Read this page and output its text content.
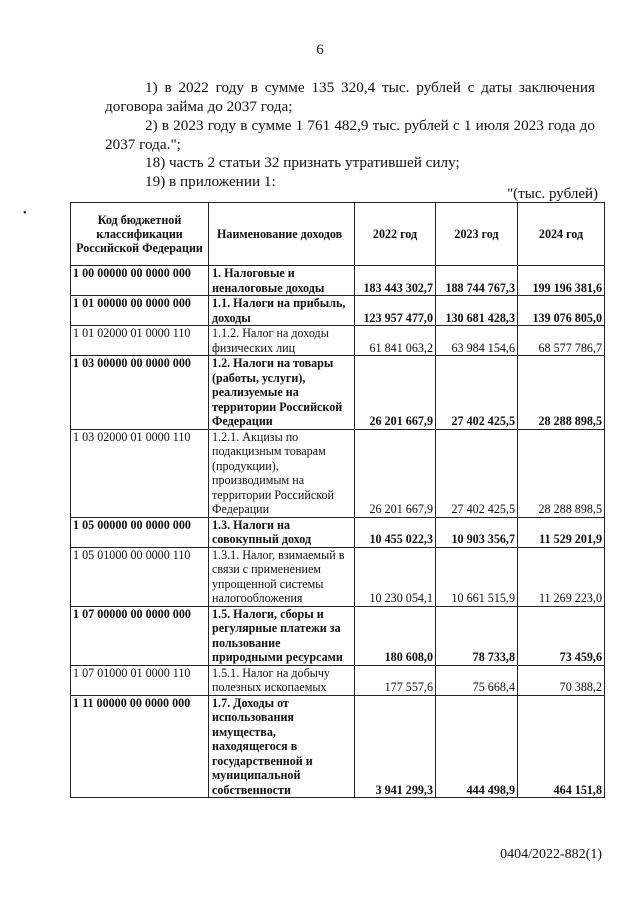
6
1) в 2022 году в сумме 135 320,4 тыс. рублей с даты заключения договора займа до 2037 года;
2) в 2023 году в сумме 1 761 482,9 тыс. рублей с 1 июля 2023 года до 2037 года.";
18) часть 2 статьи 32 признать утратившей силу;
19) в приложении 1:
"(тыс. рублей)
•	Код бюджетной классификации Российской Федерации	Наименование доходов	2022 год	2023 год	2024 год
1 00 00000 00 0000 000	1. Налоговые и неналоговые доходы	183 443 302,7	188 744 767,3	199 196 381,6
1 01 00000 00 0000 000	1.1. Налоги на прибыль, доходы	123 957 477,0	130 681 428,3	139 076 805,0
1 01 02000 01 0000 110	1.1.2. Налог на доходы физических лиц	61 841 063,2	63 984 154,6	68 577 786,7
1 03 00000 00 0000 000	1.2. Налоги на товары (работы, услуги), реализуемые на территории Российской Федерации	26 201 667,9	27 402 425,5	28 288 898,5
1 03 02000 01 0000 110	1.2.1. Акцизы по подакцизным товарам (продукции), производимым на территории Российской Федерации	26 201 667,9	27 402 425,5	28 288 898,5
1 05 00000 00 0000 000	1.3. Налоги на совокупный доход	10 455 022,3	10 903 356,7	11 529 201,9
1 05 01000 00 0000 110	1.3.1. Налог, взимаемый в связи с применением упрощенной системы налогообложения	10 230 054,1	10 661 515,9	11 269 223,0
1 07 00000 00 0000 000	1.5. Налоги, сборы и регулярные платежи за пользование природными ресурсами	180 608,0	78 733,8	73 459,6
1 07 01000 01 0000 110	1.5.1. Налог на добычу полезных ископаемых	177 557,6	75 668,4	70 388,2
1 11 00000 00 0000 000	1.7. Доходы от использования имущества, находящегося в государственной и муниципальной собственности	3 941 299,3	444 498,9	464 151,8
0404/2022-882(1)
